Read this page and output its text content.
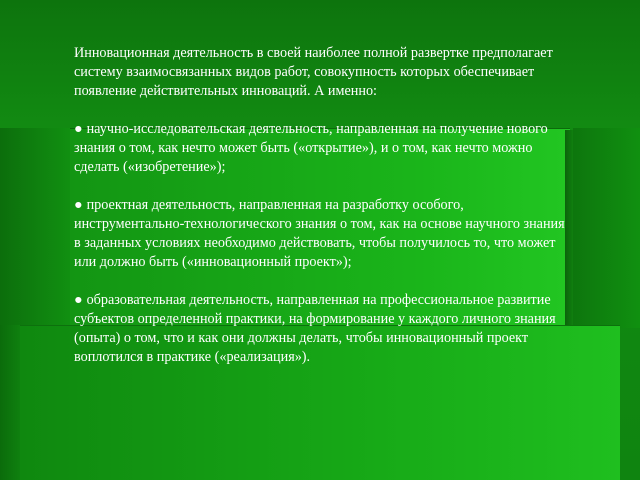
Инновационная деятельность в своей наиболее полной развертке предполагает систему взаимосвязанных видов работ, совокупность которых обеспечивает появление действительных инноваций. А именно:

● научно-исследовательская деятельность, направленная на получение нового знания о том, как нечто может быть («открытие»), и о том, как нечто можно сделать («изобретение»);

● проектная деятельность, направленная на разработку особого, инструментально-технологического знания о том, как на основе научного знания в заданных условиях необходимо действовать, чтобы получилось то, что может или должно быть («инновационный проект»);

● образовательная деятельность, направленная на профессиональное развитие субъектов определенной практики, на формирование у каждого личного знания (опыта) о том, что и как они должны делать, чтобы инновационный проект воплотился в практике («реализация»).
